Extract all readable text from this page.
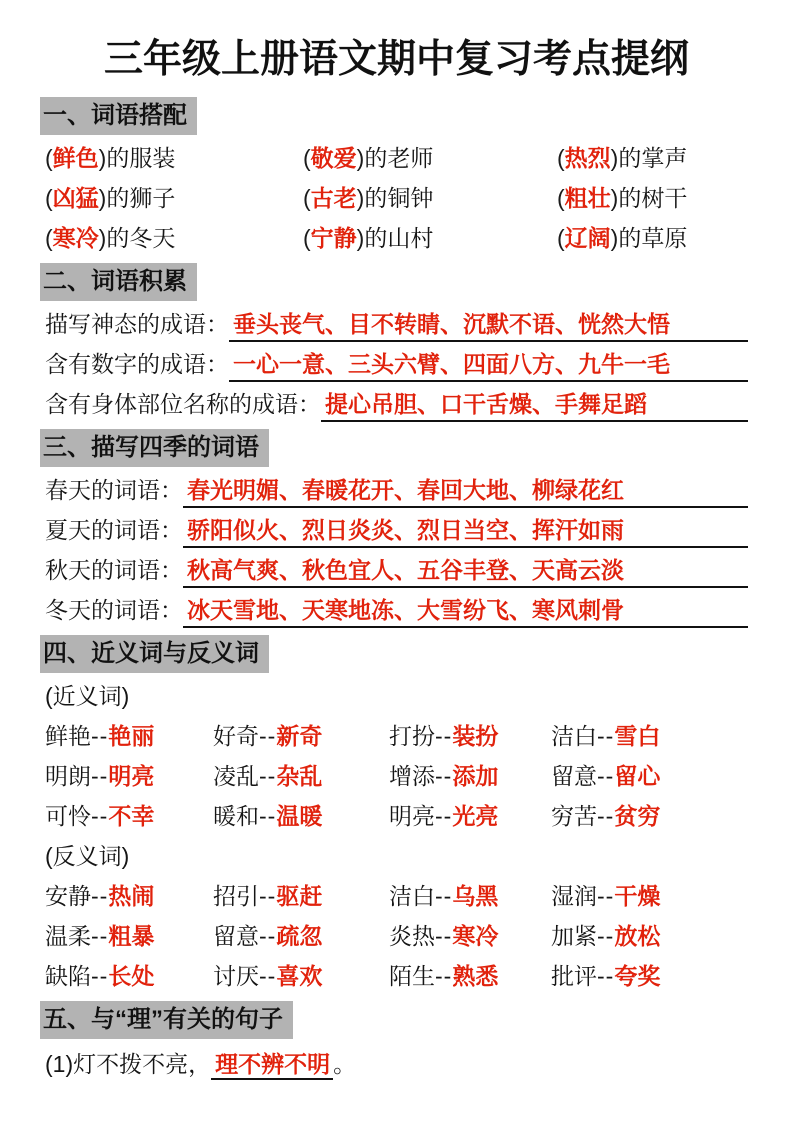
三年级上册语文期中复习考点提纲
一、词语搭配
(鲜色)的服装	(敬爱)的老师	(热烈)的掌声
(凶猛)的狮子	(古老)的铜钟	(粗壮)的树干
(寒冷)的冬天	(宁静)的山村	(辽阔)的草原
二、词语积累
描写神态的成语： 垂头丧气、目不转睛、沉默不语、恍然大悟
含有数字的成语： 一心一意、三头六臂、四面八方、九牛一毛
含有身体部位名称的成语： 提心吊胆、口干舌燥、手舞足蹈
三、描写四季的词语
春天的词语： 春光明媚、春暖花开、春回大地、柳绿花红
夏天的词语： 骄阳似火、烈日炎炎、烈日当空、挥汗如雨
秋天的词语： 秋高气爽、秋色宜人、五谷丰登、天高云淡
冬天的词语： 冰天雪地、天寒地冻、大雪纷飞、寒风刺骨
四、近义词与反义词
(近义词)
鲜艳--艳丽	好奇--新奇	打扮--装扮	洁白--雪白
明朗--明亮	凌乱--杂乱	增添--添加	留意--留心
可怜--不幸	暖和--温暖	明亮--光亮	穷苦--贫穷
(反义词)
安静--热闹	招引--驱赶	洁白--乌黑	湿润--干燥
温柔--粗暴	留意--疏忽	炎热--寒冷	加紧--放松
缺陷--长处	讨厌--喜欢	陌生--熟悉	批评--夸奖
五、与“理”有关的句子
(1)灯不拨不亮， 理不辨不明 。
